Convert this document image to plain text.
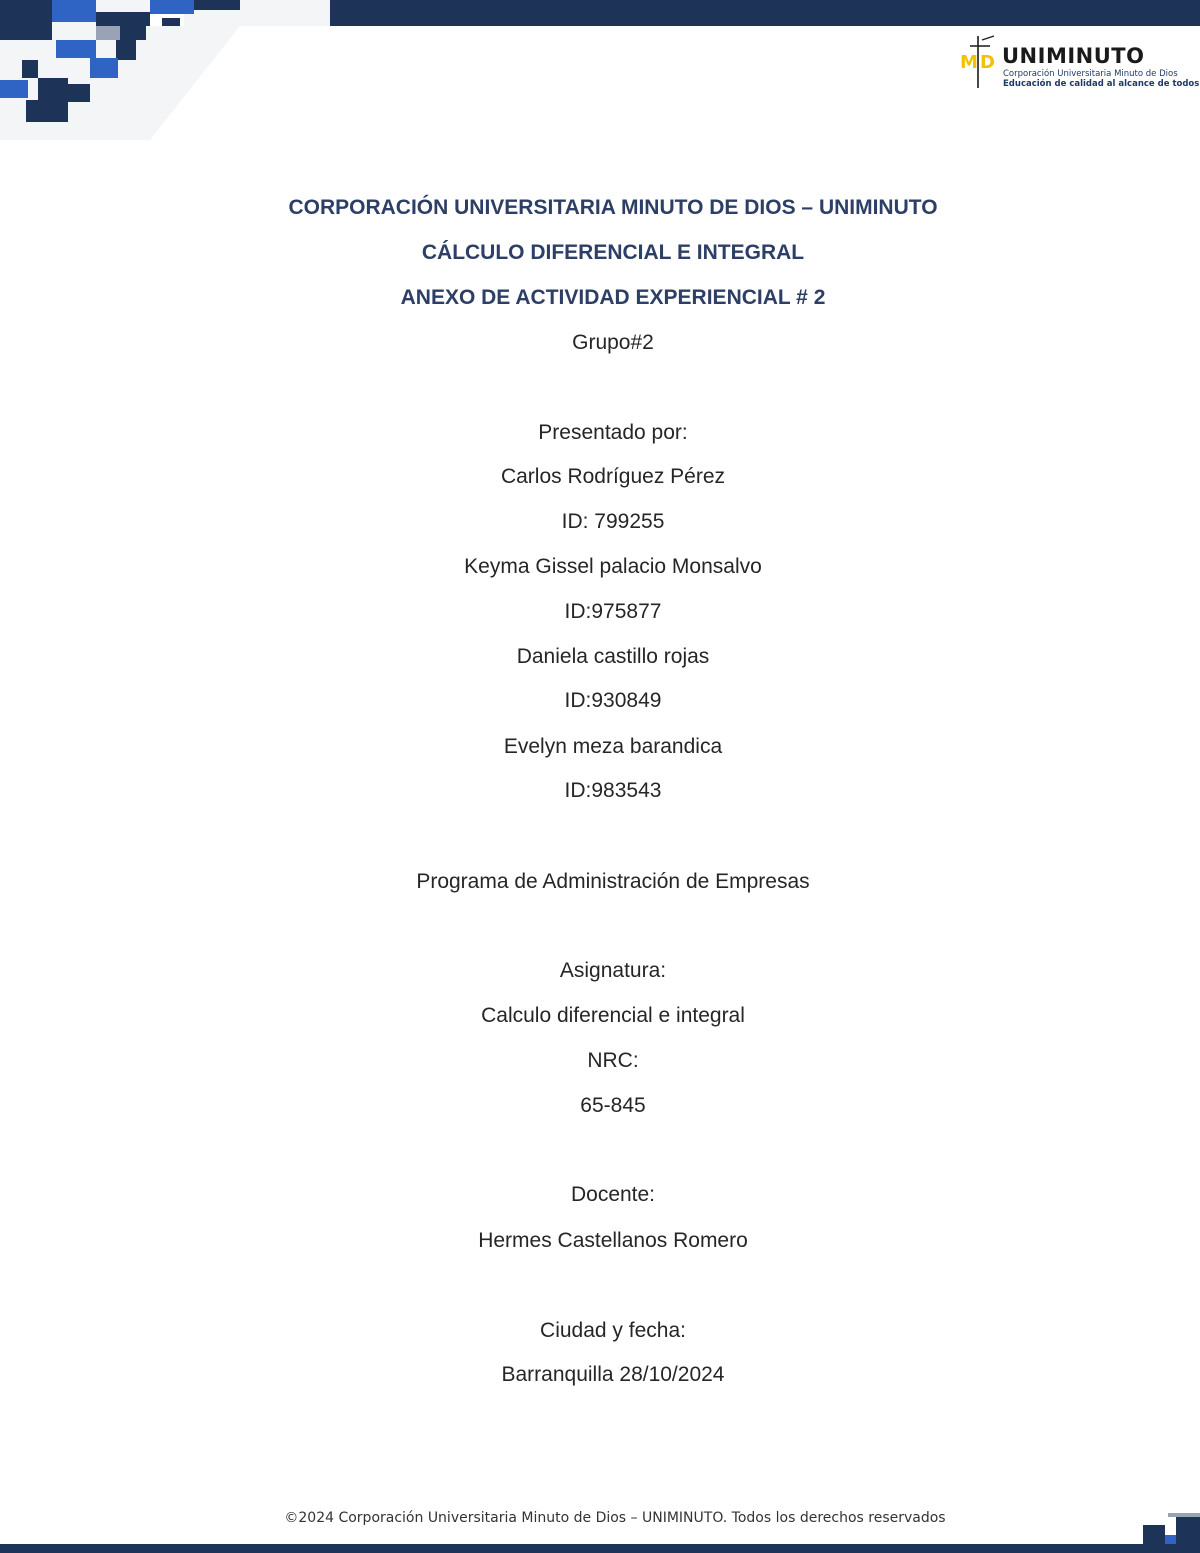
M D UNIMINUTO
Corporación Universitaria Minuto de Dios
Educación de calidad al alcance de todos
CORPORACIÓN UNIVERSITARIA MINUTO DE DIOS – UNIMINUTO
CÁLCULO DIFERENCIAL E INTEGRAL
ANEXO DE ACTIVIDAD EXPERIENCIAL # 2
Grupo#2
Presentado por:
Carlos Rodríguez Pérez
ID: 799255
Keyma Gissel palacio Monsalvo
ID:975877
Daniela castillo rojas
ID:930849
Evelyn meza barandica
ID:983543
Programa de Administración de Empresas
Asignatura:
Calculo diferencial e integral
NRC:
65-845
Docente:
Hermes Castellanos Romero
Ciudad y fecha:
Barranquilla 28/10/2024
©2024 Corporación Universitaria Minuto de Dios – UNIMINUTO. Todos los derechos reservados
